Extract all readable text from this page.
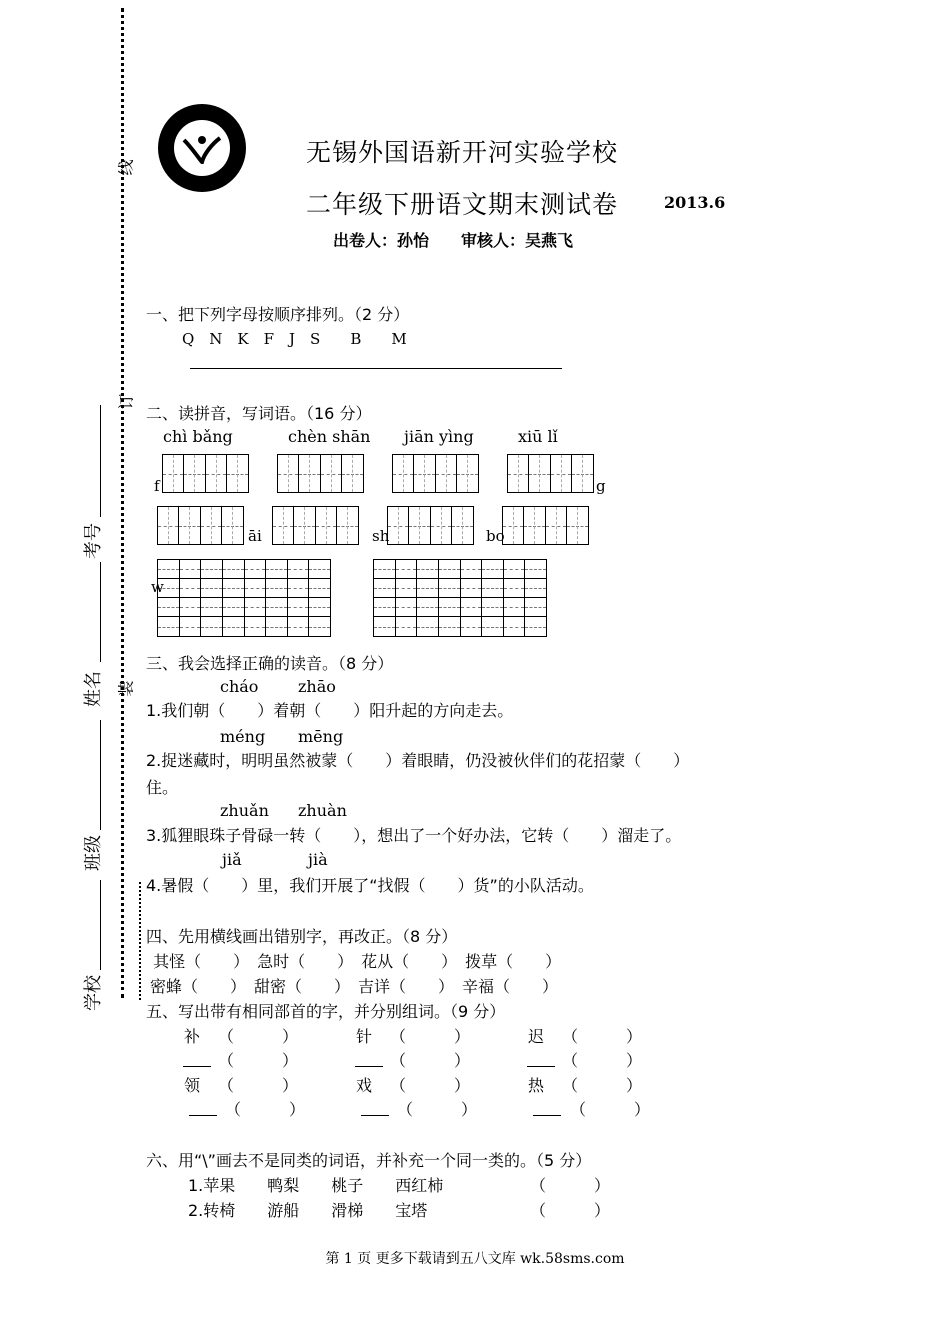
线
订
装
考号
姓名
班级
学校
无锡外国语新开河实验学校
二年级下册语文期末测试卷	2013.6
出卷人：孙怡　　审核人：吴燕飞
一、把下列字母按顺序排列。（2 分）
Q　N　K　F　J　S　　B　　M
二、读拼音，写词语。（16 分）
chì bǎng	chèn shān jiān yìng	xiū lǐ
f	g
āi	sh	bo
w
三、我会选择正确的读音。（8 分）
cháo zhāo
1.我们朝（　　）着朝（　　）阳升起的方向走去。
méng mēng
2.捉迷藏时，明明虽然被蒙（　　）着眼睛，仍没被伙伴们的花招蒙（　　）
住。
zhuǎn zhuàn
3.狐狸眼珠子骨碌一转（　　），想出了一个好办法，它转（　　）溜走了。
jiǎ	jià
4.暑假（　　）里，我们开展了“找假（　　）货”的小队活动。
四、先用横线画出错别字，再改正。（8 分）
其怪（　　）　急时（　　）　花从（　　）　拨草（　　）
密蜂（　　）　甜密（　　）　吉详（　　）　辛福（　　）
五、写出带有相同部首的字，并分别组词。（9 分）
补 （　　　）	针 （　　　）	迟 （　　　）
（　　　）	（　　　）	（　　　）
领 （　　　）	戏 （　　　）	热 （　　　）
（　　　）	（　　　）	（　　　）
六、用“\”画去不是同类的词语，并补充一个同一类的。（5 分）
1.苹果　　鸭梨　　桃子　　西红柿	（　　　）
2.转椅　　游船　　滑梯　　宝塔	（　　　）
第 1 页 更多下载请到五八文库 wk.58sms.com
